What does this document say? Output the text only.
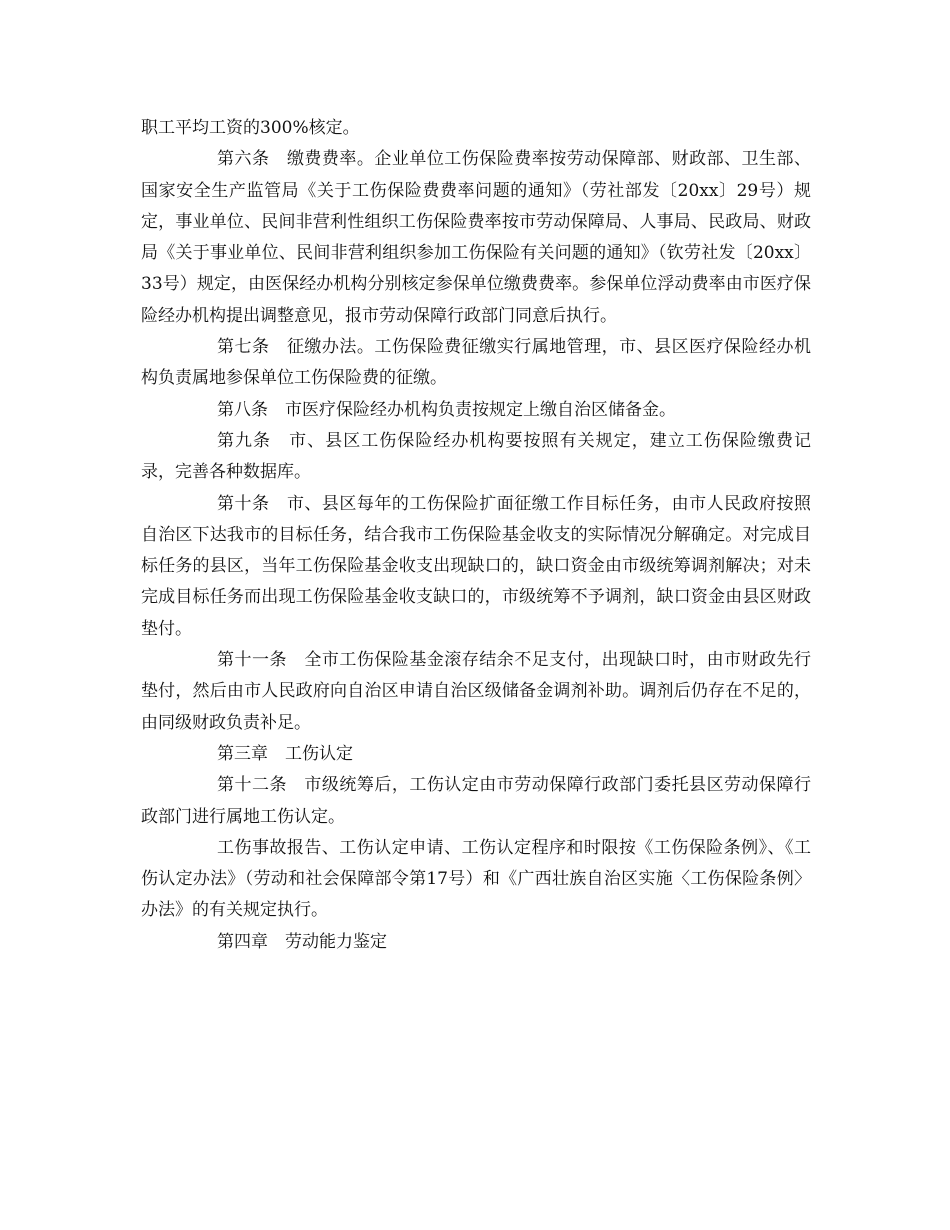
职工平均工资的300%核定。

第六条　缴费费率。企业单位工伤保险费率按劳动保障部、财政部、卫生部、国家安全生产监管局《关于工伤保险费费率问题的通知》（劳社部发〔20xx〕29号）规定，事业单位、民间非营利性组织工伤保险费率按市劳动保障局、人事局、民政局、财政局《关于事业单位、民间非营利组织参加工伤保险有关问题的通知》（钦劳社发〔20xx〕33号）规定，由医保经办机构分别核定参保单位缴费费率。参保单位浮动费率由市医疗保险经办机构提出调整意见，报市劳动保障行政部门同意后执行。

第七条　征缴办法。工伤保险费征缴实行属地管理，市、县区医疗保险经办机构负责属地参保单位工伤保险费的征缴。

第八条　市医疗保险经办机构负责按规定上缴自治区储备金。

第九条　市、县区工伤保险经办机构要按照有关规定，建立工伤保险缴费记录，完善各种数据库。

第十条　市、县区每年的工伤保险扩面征缴工作目标任务，由市人民政府按照自治区下达我市的目标任务，结合我市工伤保险基金收支的实际情况分解确定。对完成目标任务的县区，当年工伤保险基金收支出现缺口的，缺口资金由市级统筹调剂解决；对未完成目标任务而出现工伤保险基金收支缺口的，市级统筹不予调剂，缺口资金由县区财政垫付。

第十一条　全市工伤保险基金滚存结余不足支付，出现缺口时，由市财政先行垫付，然后由市人民政府向自治区申请自治区级储备金调剂补助。调剂后仍存在不足的，由同级财政负责补足。

第三章　工伤认定

第十二条　市级统筹后，工伤认定由市劳动保障行政部门委托县区劳动保障行政部门进行属地工伤认定。

工伤事故报告、工伤认定申请、工伤认定程序和时限按《工伤保险条例》、《工伤认定办法》（劳动和社会保障部令第17号）和《广西壮族自治区实施〈工伤保险条例〉办法》的有关规定执行。

第四章　劳动能力鉴定
